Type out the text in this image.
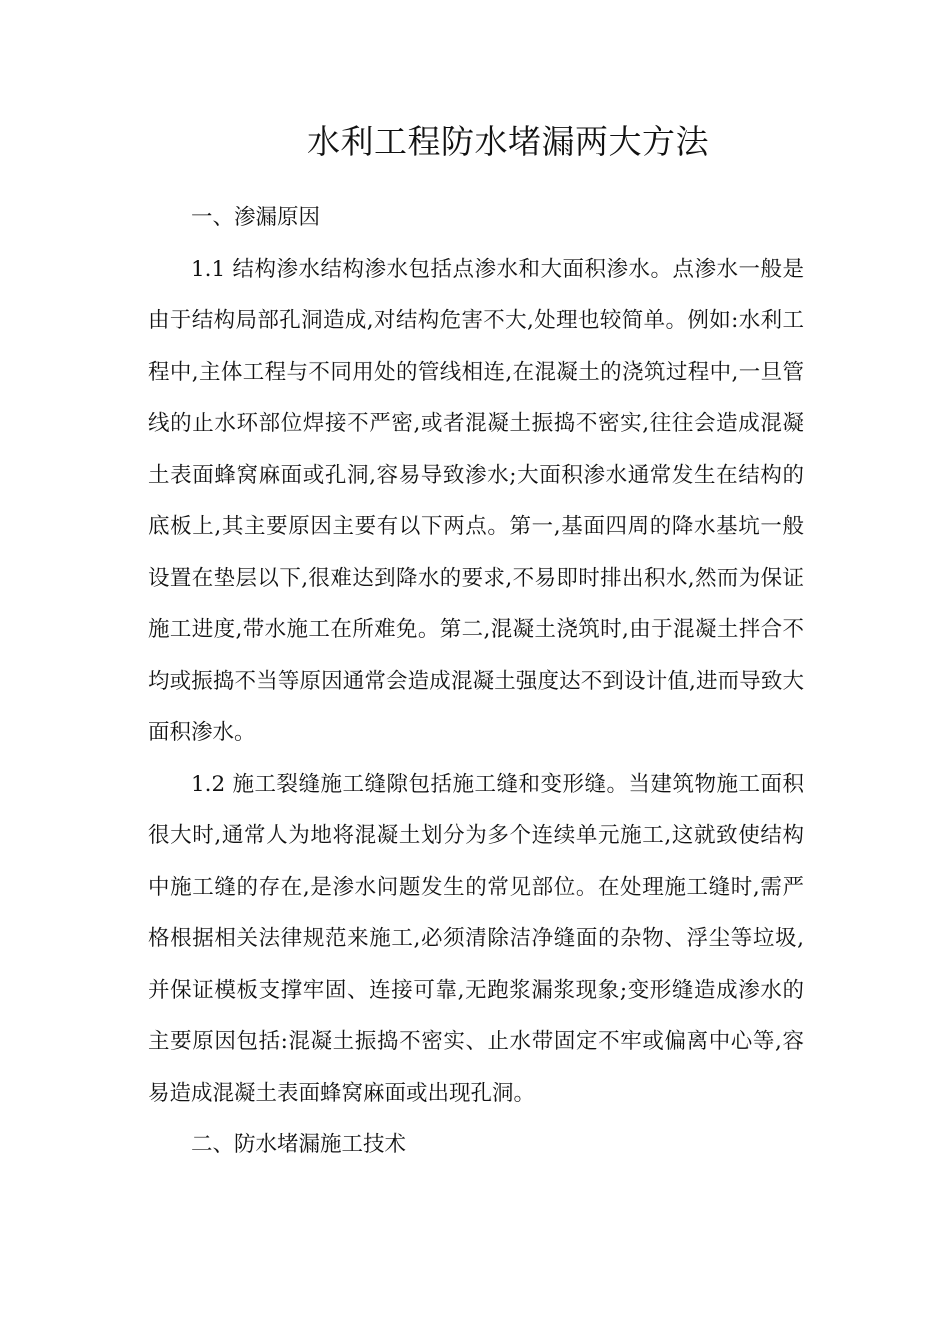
水利工程防水堵漏两大方法

一、渗漏原因

1.1 结构渗水结构渗水包括点渗水和大面积渗水。点渗水一般是由于结构局部孔洞造成,对结构危害不大,处理也较简单。例如:水利工程中,主体工程与不同用处的管线相连,在混凝土的浇筑过程中,一旦管线的止水环部位焊接不严密,或者混凝土振捣不密实,往往会造成混凝土表面蜂窝麻面或孔洞,容易导致渗水;大面积渗水通常发生在结构的底板上,其主要原因主要有以下两点。第一,基面四周的降水基坑一般设置在垫层以下,很难达到降水的要求,不易即时排出积水,然而为保证施工进度,带水施工在所难免。第二,混凝土浇筑时,由于混凝土拌合不均或振捣不当等原因通常会造成混凝土强度达不到设计值,进而导致大面积渗水。

1.2 施工裂缝施工缝隙包括施工缝和变形缝。当建筑物施工面积很大时,通常人为地将混凝土划分为多个连续单元施工,这就致使结构中施工缝的存在,是渗水问题发生的常见部位。在处理施工缝时,需严格根据相关法律规范来施工,必须清除洁净缝面的杂物、浮尘等垃圾,并保证模板支撑牢固、连接可靠,无跑浆漏浆现象;变形缝造成渗水的主要原因包括:混凝土振捣不密实、止水带固定不牢或偏离中心等,容易造成混凝土表面蜂窝麻面或出现孔洞。

二、防水堵漏施工技术
